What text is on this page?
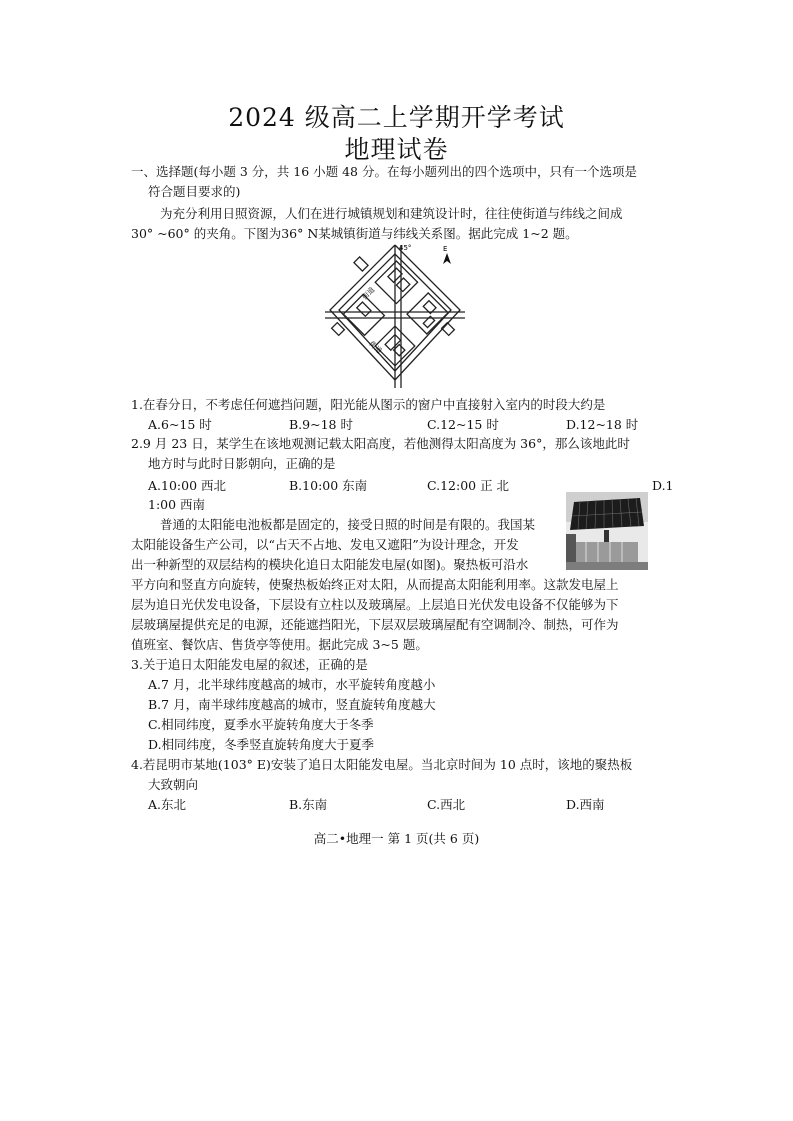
2024 级高二上学期开学考试
地理试卷
一、选择题(每小题 3 分，共 16 小题 48 分。在每小题列出的四个选项中，只有一个选项是
符合题目要求的)
为充分利用日照资源，人们在进行城镇规划和建筑设计时，往往使街道与纬线之间成
30° ~60° 的夹角。下图为36° N某城镇街道与纬线关系图。据此完成 1~2 题。
45°
街道
街道
E
1.在春分日，不考虑任何遮挡问题，阳光能从图示的窗户中直接射入室内的时段大约是
A.6~15 时	B.9~18 时	C.12~15 时	D.12~18 时
2.9 月 23 日，某学生在该地观测记载太阳高度，若他测得太阳高度为 36°，那么该地此时
地方时与此时日影朝向，正确的是
A.10:00 西北	B.10:00 东南	C.12:00 正 北	D.1
1:00 西南
普通的太阳能电池板都是固定的，接受日照的时间是有限的。我国某
太阳能设备生产公司，以“占天不占地、发电又遮阳”为设计理念，开发
出一种新型的双层结构的模块化追日太阳能发电屋(如图)。聚热板可沿水
平方向和竖直方向旋转，使聚热板始终正对太阳，从而提高太阳能利用率。这款发电屋上
层为追日光伏发电设备，下层设有立柱以及玻璃屋。上层追日光伏发电设备不仅能够为下
层玻璃屋提供充足的电源，还能遮挡阳光，下层双层玻璃屋配有空调制冷、制热，可作为
值班室、餐饮店、售货亭等使用。据此完成 3~5 题。
3.关于追日太阳能发电屋的叙述，正确的是
A.7 月，北半球纬度越高的城市，水平旋转角度越小
B.7 月，南半球纬度越高的城市，竖直旋转角度越大
C.相同纬度，夏季水平旋转角度大于冬季
D.相同纬度，冬季竖直旋转角度大于夏季
4.若昆明市某地(103° E)安装了追日太阳能发电屋。当北京时间为 10 点时，该地的聚热板
大致朝向
A.东北	B.东南	C.西北	D.西南
高二•地理一 第 1 页(共 6 页)
